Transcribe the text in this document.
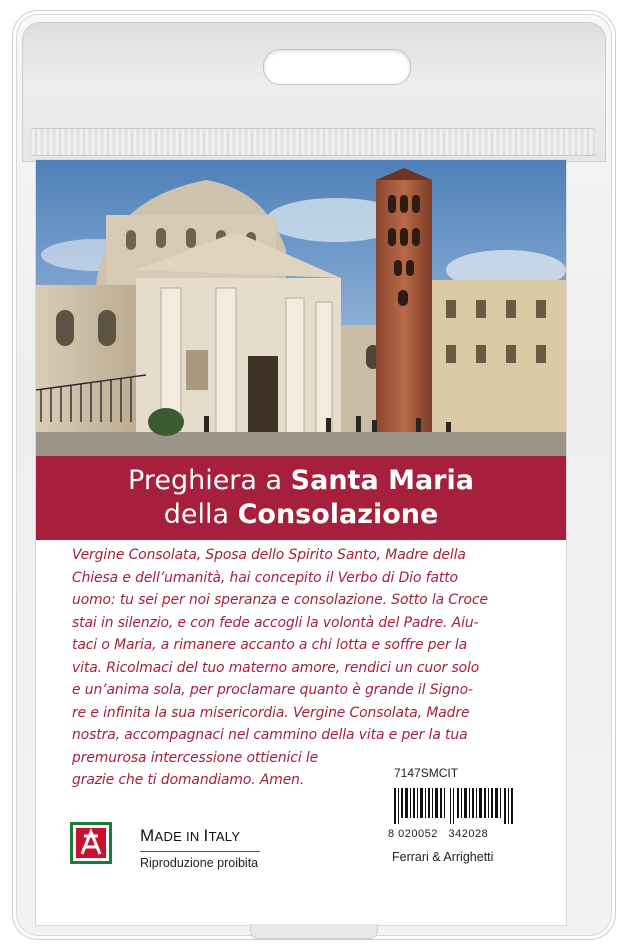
Preghiera a Santa Maria
della Consolazione
Vergine Consolata, Sposa dello Spirito Santo, Madre della
Chiesa e dell’umanità, hai concepito il Verbo di Dio fatto
uomo: tu sei per noi speranza e consolazione. Sotto la Croce
stai in silenzio, e con fede accogli la volontà del Padre. Aiu-
taci o Maria, a rimanere accanto a chi lotta e soffre per la
vita. Ricolmaci del tuo materno amore, rendici un cuor solo
e un’anima sola, per proclamare quanto è grande il Signo-
re e infinita la sua misericordia. Vergine Consolata, Madre
nostra, accompagnaci nel cammino della vita e per la tua
premurosa intercessione ottienici le
grazie che ti domandiamo. Amen.	7147SMCIT
8 020052   342028
Ferrari & Arrighetti
MADE IN ITALY
Riproduzione proibita
